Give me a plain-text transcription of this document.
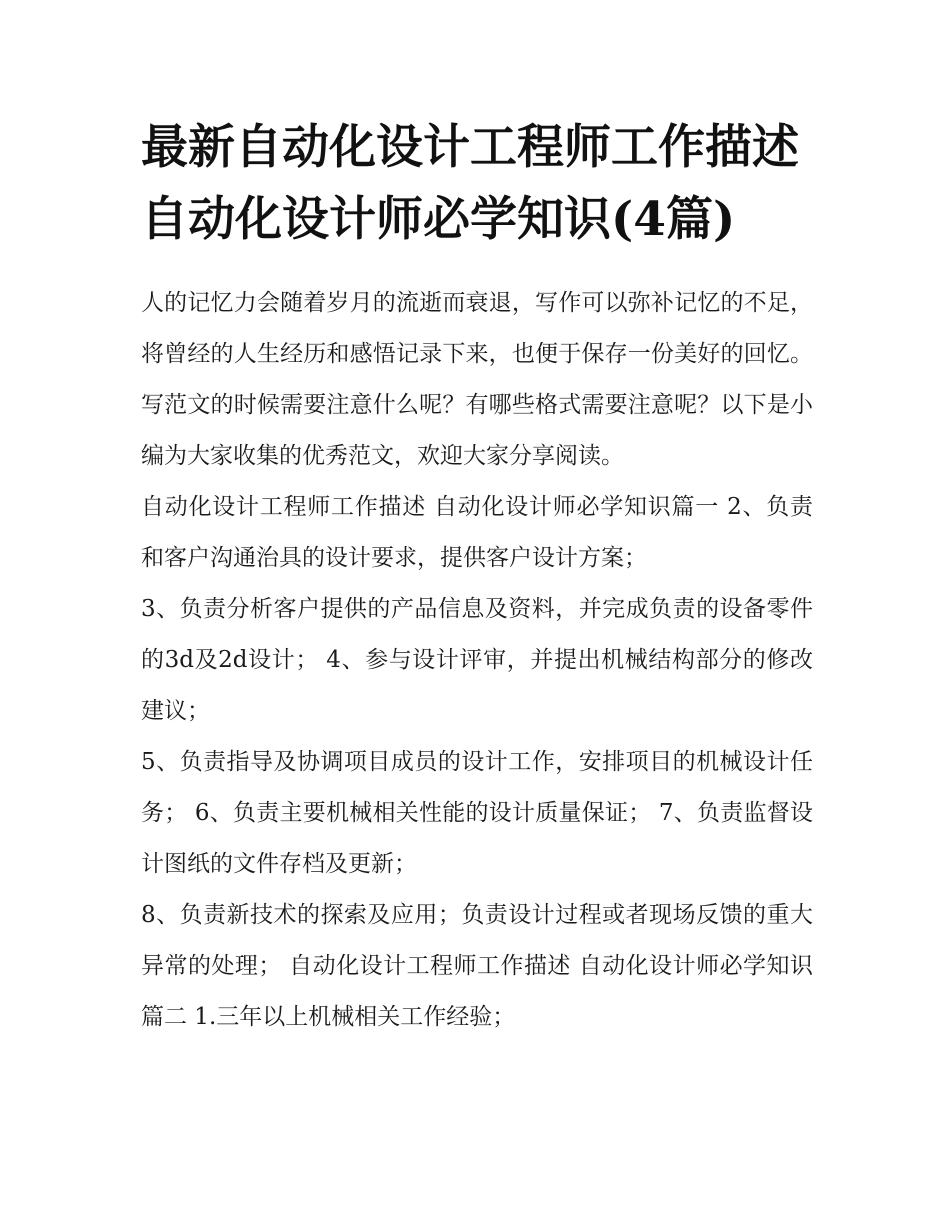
最新自动化设计工程师工作描述 自动化设计师必学知识(4篇)

人的记忆力会随着岁月的流逝而衰退，写作可以弥补记忆的不足，将曾经的人生经历和感悟记录下来，也便于保存一份美好的回忆。写范文的时候需要注意什么呢？有哪些格式需要注意呢？以下是小编为大家收集的优秀范文，欢迎大家分享阅读。

自动化设计工程师工作描述 自动化设计师必学知识篇一 2、负责和客户沟通治具的设计要求，提供客户设计方案；

3、负责分析客户提供的产品信息及资料，并完成负责的设备零件的3d及2d设计； 4、参与设计评审，并提出机械结构部分的修改建议；

5、负责指导及协调项目成员的设计工作，安排项目的机械设计任务； 6、负责主要机械相关性能的设计质量保证； 7、负责监督设计图纸的文件存档及更新；

8、负责新技术的探索及应用；负责设计过程或者现场反馈的重大异常的处理； 自动化设计工程师工作描述 自动化设计师必学知识篇二 1.三年以上机械相关工作经验；
